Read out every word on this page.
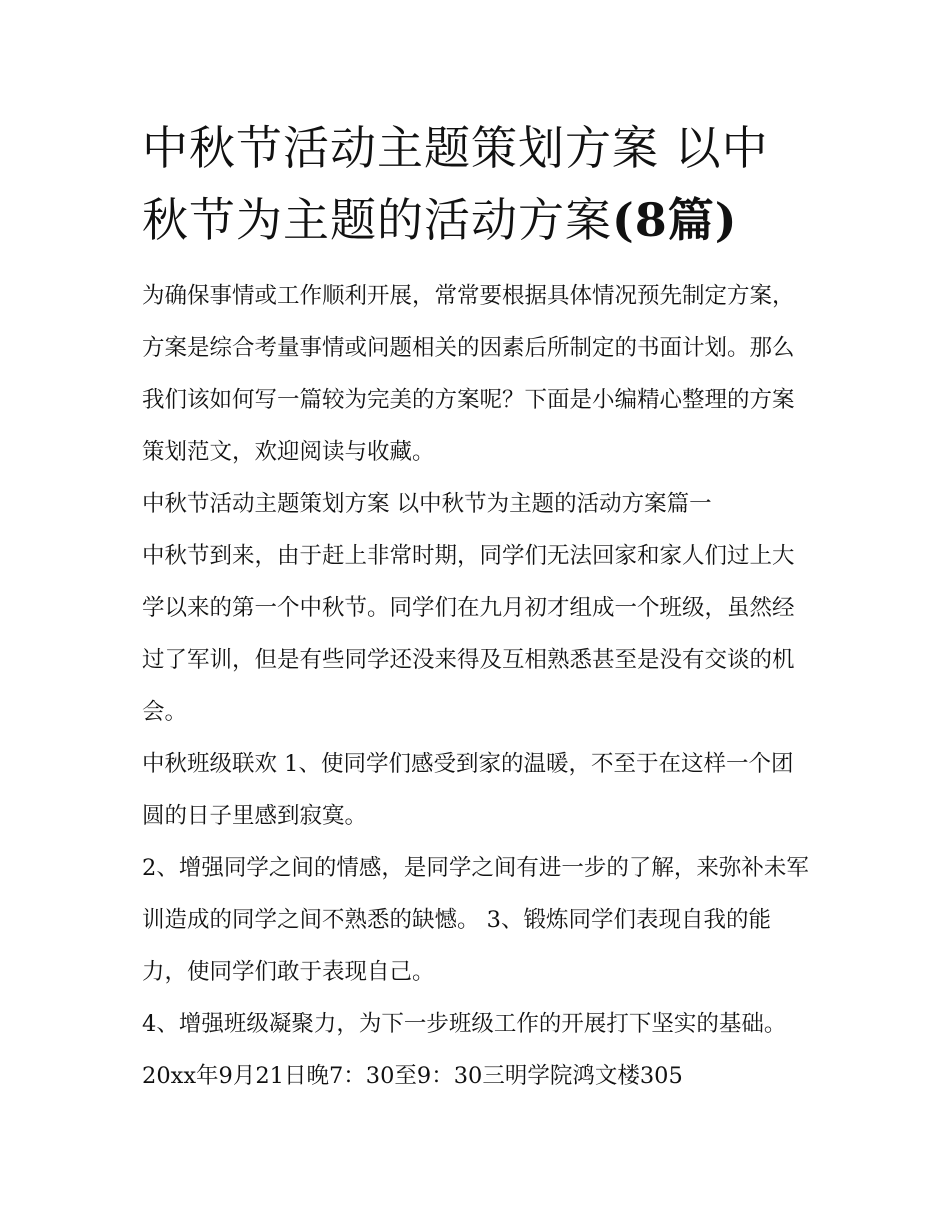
中秋节活动主题策划方案 以中秋节为主题的活动方案(8篇)

为确保事情或工作顺利开展，常常要根据具体情况预先制定方案，方案是综合考量事情或问题相关的因素后所制定的书面计划。那么我们该如何写一篇较为完美的方案呢？下面是小编精心整理的方案策划范文，欢迎阅读与收藏。

中秋节活动主题策划方案 以中秋节为主题的活动方案篇一

中秋节到来，由于赶上非常时期，同学们无法回家和家人们过上大学以来的第一个中秋节。同学们在九月初才组成一个班级，虽然经过了军训，但是有些同学还没来得及互相熟悉甚至是没有交谈的机会。

中秋班级联欢 1、使同学们感受到家的温暖，不至于在这样一个团圆的日子里感到寂寞。

2、增强同学之间的情感，是同学之间有进一步的了解，来弥补未军训造成的同学之间不熟悉的缺憾。 3、锻炼同学们表现自我的能力，使同学们敢于表现自己。

4、增强班级凝聚力，为下一步班级工作的开展打下坚实的基础。 20xx年9月21日晚7：30至9：30三明学院鸿文楼305
